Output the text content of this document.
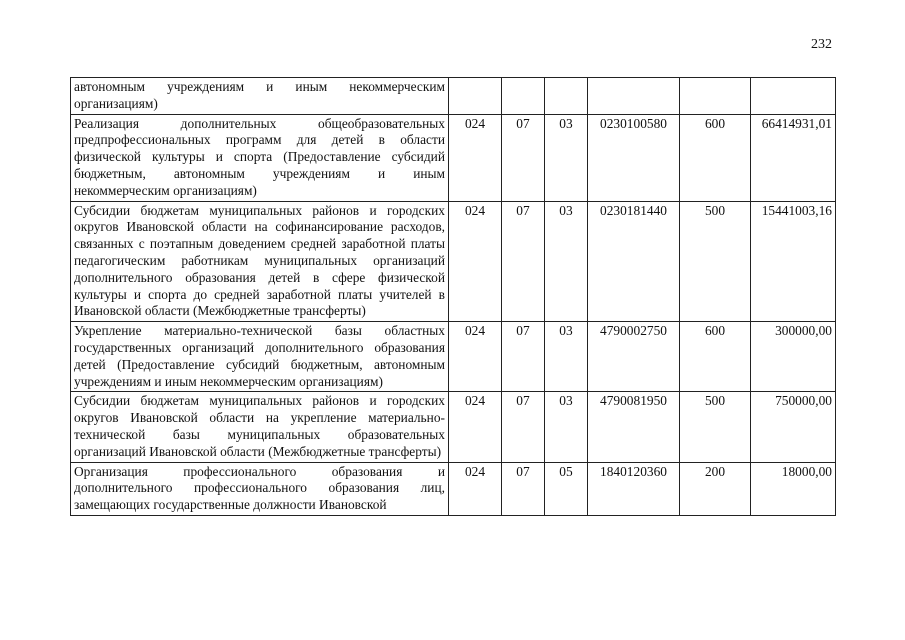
232
автономным учреждениям и иным некоммерческим организациям)						
Реализация дополнительных общеобразовательных предпрофессиональных программ для детей в области физической культуры и спорта (Предоставление субсидий бюджетным, автономным учреждениям и иным некоммерческим организациям)	024	07	03	0230100580	600	66414931,01
Субсидии бюджетам муниципальных районов и городских округов Ивановской области на софинансирование расходов, связанных с поэтапным доведением средней заработной платы педагогическим работникам муниципальных организаций дополнительного образования детей в сфере физической культуры и спорта до средней заработной платы учителей в Ивановской области (Межбюджетные трансферты)	024	07	03	0230181440	500	15441003,16
Укрепление материально-технической базы областных государственных организаций дополнительного образования детей (Предоставление субсидий бюджетным, автономным учреждениям и иным некоммерческим организациям)	024	07	03	4790002750	600	300000,00
Субсидии бюджетам муниципальных районов и городских округов Ивановской области на укрепление материально-технической базы муниципальных образовательных организаций Ивановской области (Межбюджетные трансферты)	024	07	03	4790081950	500	750000,00
Организация профессионального образования и дополнительного профессионального образования лиц, замещающих государственные должности Ивановской	024	07	05	1840120360	200	18000,00
